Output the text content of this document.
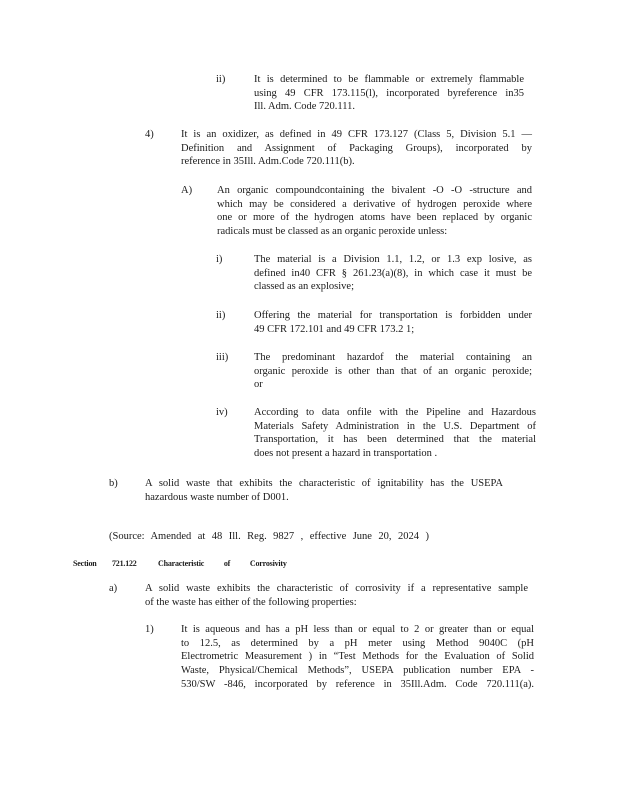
ii)	It is determined to be flammable or extremely flammable

using 49 CFR 173.115(l), incorporated byreference in35

Ill. Adm. Code 720.111.

4)	It is an oxidizer, as defined in 49 CFR 173.127 (Class 5, Division 5.1 —

Definition and Assignment of Packaging Groups), incorporated by

reference in 35Ill. Adm.Code 720.111(b).

A) An organic compoundcontaining the bivalent -O -O -structure and

which may be considered a derivative of hydrogen peroxide where

one or more of the hydrogen atoms have been replaced by organic

radicals must be classed as an organic peroxide unless:

i)	The material is a Division 1.1, 1.2, or 1.3 exp losive, as

defined in40 CFR § 261.23(a)(8), in which case it must be

classed as an explosive;

ii)	Offering the material for transportation is forbidden under

49 CFR 172.101 and 49 CFR 173.2 1;

iii) The predominant hazardof the material containing an

organic peroxide is other than that of an organic peroxide;

or

iv)	According to data onfile with the Pipeline and Hazardous

Materials Safety Administration in the U.S. Department of

Transportation, it has been determined that the material

does not present a hazard in transportation .

b)	A solid waste that exhibits the characteristic of ignitability has the USEPA

hazardous waste number of D001.

(Source: Amended at 48 Ill. Reg. 9827 , effective June 20, 2024 )

Section 721.122	Characteristic of Corrosivity
a)	A solid waste exhibits the characteristic of corrosivity if a representative sample

of the waste has either of the following properties:

1)	It is aqueous and has a pH less than or equal to 2 or greater than or equal

to 12.5, as determined by a pH meter using Method 9040C (pH

Electrometric Measurement ) in “Test Methods for the Evaluation of Solid

Waste, Physical/Chemical Methods”, USEPA publication number EPA -

530/SW -846, incorporated by reference in 35Ill.Adm. Code 720.111(a).
